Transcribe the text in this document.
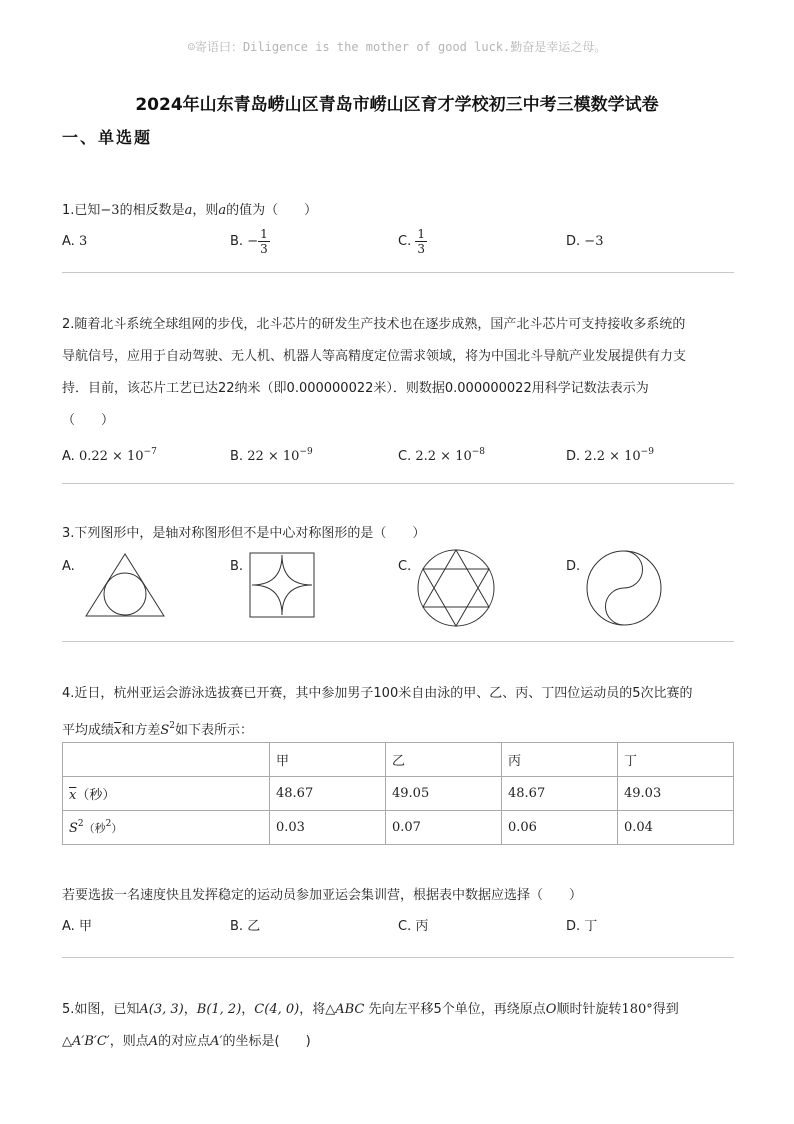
☺寄语曰：Diligence is the mother of good luck.勤奋是幸运之母。
2024年山东青岛崂山区青岛市崂山区育才学校初三中考三模数学试卷
一、单选题
1.已知−3的相反数是a，则a的值为（　　）
A. 3	B. − $\frac{1}{3}$	C. $\frac{1}{3}$	D. −3
2.随着北斗系统全球组网的步伐，北斗芯片的研发生产技术也在逐步成熟，国产北斗芯片可支持接收多系统的
导航信号，应用于自动驾驶、无人机、机器人等高精度定位需求领域，将为中国北斗导航产业发展提供有力支
持．目前，该芯片工艺已达22纳米（即0.000000022米）．则数据0.000000022用科学记数法表示为
（　　）
A. $0.22 \times 10^{-7}$	B. $22 \times 10^{-9}$	C. $2.2 \times 10^{-8}$	D. $2.2 \times 10^{-9}$
3.下列图形中，是轴对称图形但不是中心对称图形的是（　　）
A.	B.	C.	D.
4.近日，杭州亚运会游泳选拔赛已开赛，其中参加男子100米自由泳的甲、乙、丙、丁四位运动员的5次比赛的
平均成绩$\overline{x}$和方差$S^2$如下表所示：
	甲	乙	丙	丁
$\overline{x}$（秒）	48.67	49.05	48.67	49.03
$S^2$（秒$^2$）	0.03	0.07	0.06	0.04
若要选拔一名速度快且发挥稳定的运动员参加亚运会集训营，根据表中数据应选择（　　）
A. 甲	B. 乙	C. 丙	D. 丁
5.如图，已知A(3, 3)，B(1, 2)，C(4, 0)，将△ABC 先向左平移5个单位，再绕原点O顺时针旋转180°得到
△A′B′C′，则点A的对应点A′的坐标是(　　)
